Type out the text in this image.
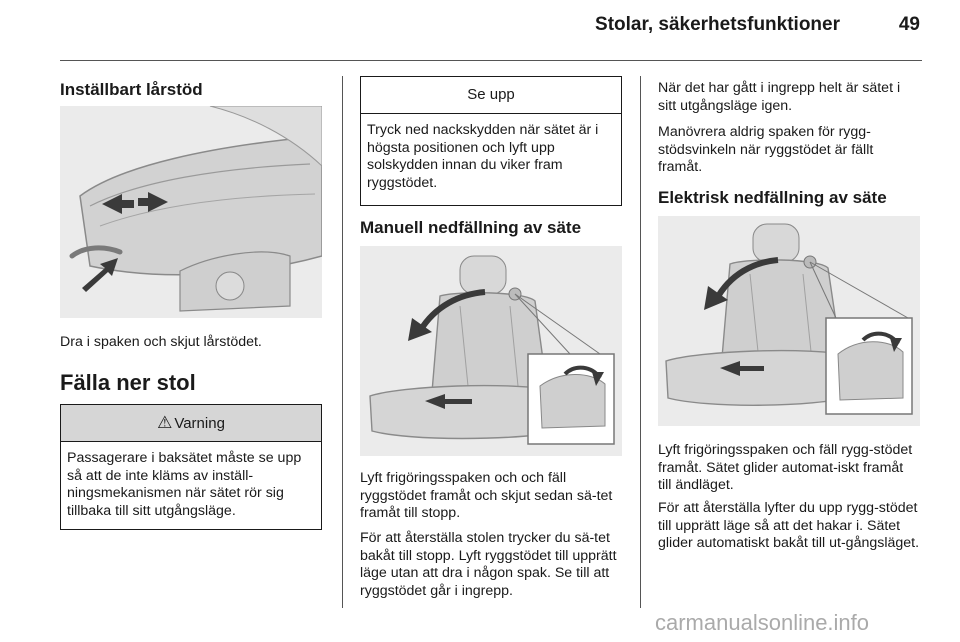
Stolar, säkerhetsfunktioner	49
Inställbart lårstöd

Dra i spaken och skjut lårstödet.

Fälla ner stol
⚠ Varning
Passagerare i baksätet måste se upp så att de inte kläms av inställ-ningsmekanismen när sätet rör sig tillbaka till sitt utgångsläge.
Se upp
Tryck ned nackskydden när sätet är i högsta positionen och lyft upp solskydden innan du viker fram ryggstödet.
Manuell nedfällning av säte

Lyft frigöringsspaken och och fäll ryggstödet framåt och skjut sedan sä-tet framåt till stopp.

För att återställa stolen trycker du sä-tet bakåt till stopp. Lyft ryggstödet till upprätt läge utan att dra i någon spak. Se till att ryggstödet går i ingrepp.

När det har gått i ingrepp helt är sätet i sitt utgångsläge igen.

Manövrera aldrig spaken för rygg-stödsvinkeln när ryggstödet är fällt framåt.

Elektrisk nedfällning av säte

Lyft frigöringsspaken och fäll rygg-stödet framåt. Sätet glider automat-iskt framåt till ändläget.

För att återställa lyfter du upp rygg-stödet till upprätt läge så att det hakar i. Sätet glider automatiskt bakåt till ut-gångsläget.

carmanualsonline.info
